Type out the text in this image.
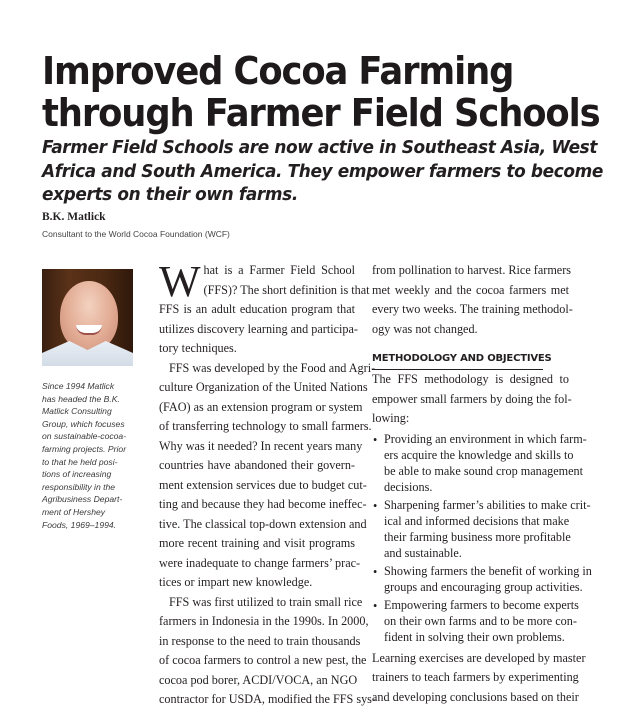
Improved Cocoa Farming
through Farmer Field Schools
Farmer Field Schools are now active in Southeast Asia, West
Africa and South America. They empower farmers to become
experts on their own farms.
B.K. Matlick
Consultant to the World Cocoa Foundation (WCF)
Since 1994 Matlick
has headed the B.K.
Matlick Consulting
Group, which focuses
on sustainable-cocoa-
farming projects. Prior
to that he held posi-
tions of increasing
responsibility in the
Agribusiness Depart-
ment of Hershey
Foods, 1969–1994.
W hat is a Farmer Field School
(FFS)? The short definition is that
FFS is an adult education program that
utilizes discovery learning and participa-
tory techniques.
FFS was developed by the Food and Agri-
culture Organization of the United Nations
(FAO) as an extension program or system
of transferring technology to small farmers.
Why was it needed? In recent years many
countries have abandoned their govern-
ment extension services due to budget cut-
ting and because they had become ineffec-
tive. The classical top-down extension and
more recent training and visit programs
were inadequate to change farmers’ prac-
tices or impart new knowledge.
FFS was first utilized to train small rice
farmers in Indonesia in the 1990s. In 2000,
in response to the need to train thousands
of cocoa farmers to control a new pest, the
cocoa pod borer, ACDI/VOCA, an NGO
contractor for USDA, modified the FFS sys-
from pollination to harvest. Rice farmers
met weekly and the cocoa farmers met
every two weeks. The training methodol-
ogy was not changed.
METHODOLOGY AND OBJECTIVES
The FFS methodology is designed to
empower small farmers by doing the fol-
lowing:
• Providing an environment in which farm-
ers acquire the knowledge and skills to
be able to make sound crop management
decisions.
• Sharpening farmer’s abilities to make crit-
ical and informed decisions that make
their farming business more profitable
and sustainable.
• Showing farmers the benefit of working in
groups and encouraging group activities.
• Empowering farmers to become experts
on their own farms and to be more con-
fident in solving their own problems.
Learning exercises are developed by master
trainers to teach farmers by experimenting
and developing conclusions based on their
